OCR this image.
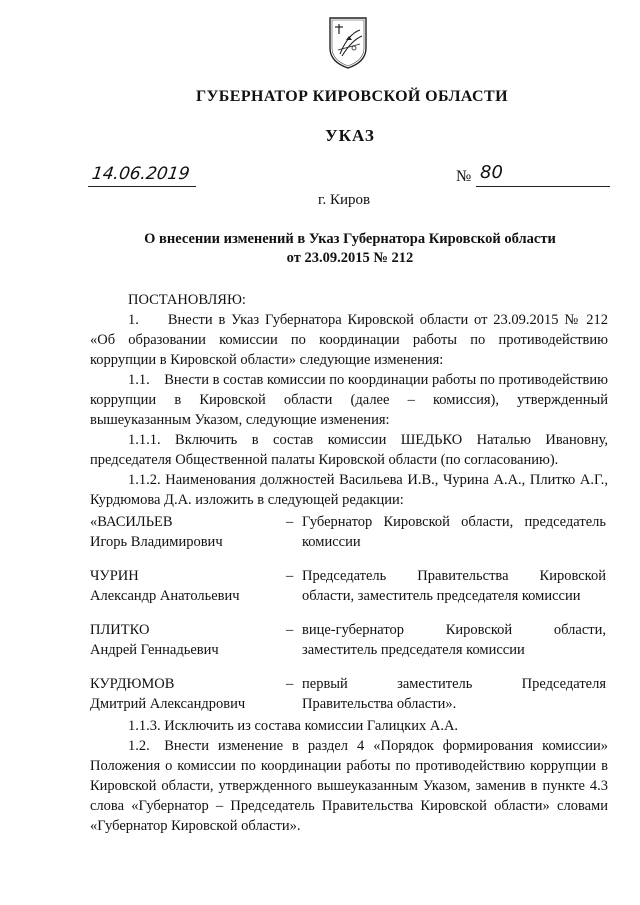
ГУБЕРНАТОР КИРОВСКОЙ ОБЛАСТИ
УКАЗ
14.06.2019	№ 80
г. Киров
О внесении изменений в Указ Губернатора Кировской области
от 23.09.2015 № 212

ПОСТАНОВЛЯЮ:

1.  Внести в Указ Губернатора Кировской области от 23.09.2015 № 212 «Об образовании комиссии по координации работы по противодействию коррупции в Кировской области» следующие изменения:

1.1. Внести в состав комиссии по координации работы по противодействию коррупции в Кировской области (далее – комиссия), утвержденный вышеуказанным Указом, следующие изменения:

1.1.1. Включить в состав комиссии ШЕДЬКО Наталью Ивановну, председателя Общественной палаты Кировской области (по согласованию).

1.1.2. Наименования должностей Васильева И.В., Чурина А.А., Плитко А.Г., Курдюмова Д.А. изложить в следующей редакции:

«ВАСИЛЬЕВ
Игорь Владимирович
– Губернатор Кировской области, председатель
комиссии
ЧУРИН
Александр Анатольевич
– Председатель Правительства Кировской
области, заместитель председателя комиссии
ПЛИТКО
Андрей Геннадьевич
– вице-губернатор Кировской области,
заместитель председателя комиссии
КУРДЮМОВ
Дмитрий Александрович
– первый заместитель Председателя
Правительства области».

1.1.3. Исключить из состава комиссии Галицких А.А.

1.2. Внести изменение в раздел 4 «Порядок формирования комиссии» Положения о комиссии по координации работы по противодействию коррупции в Кировской области, утвержденного вышеуказанным Указом, заменив в пункте 4.3 слова «Губернатор – Председатель Правительства Кировской области» словами «Губернатор Кировской области».
